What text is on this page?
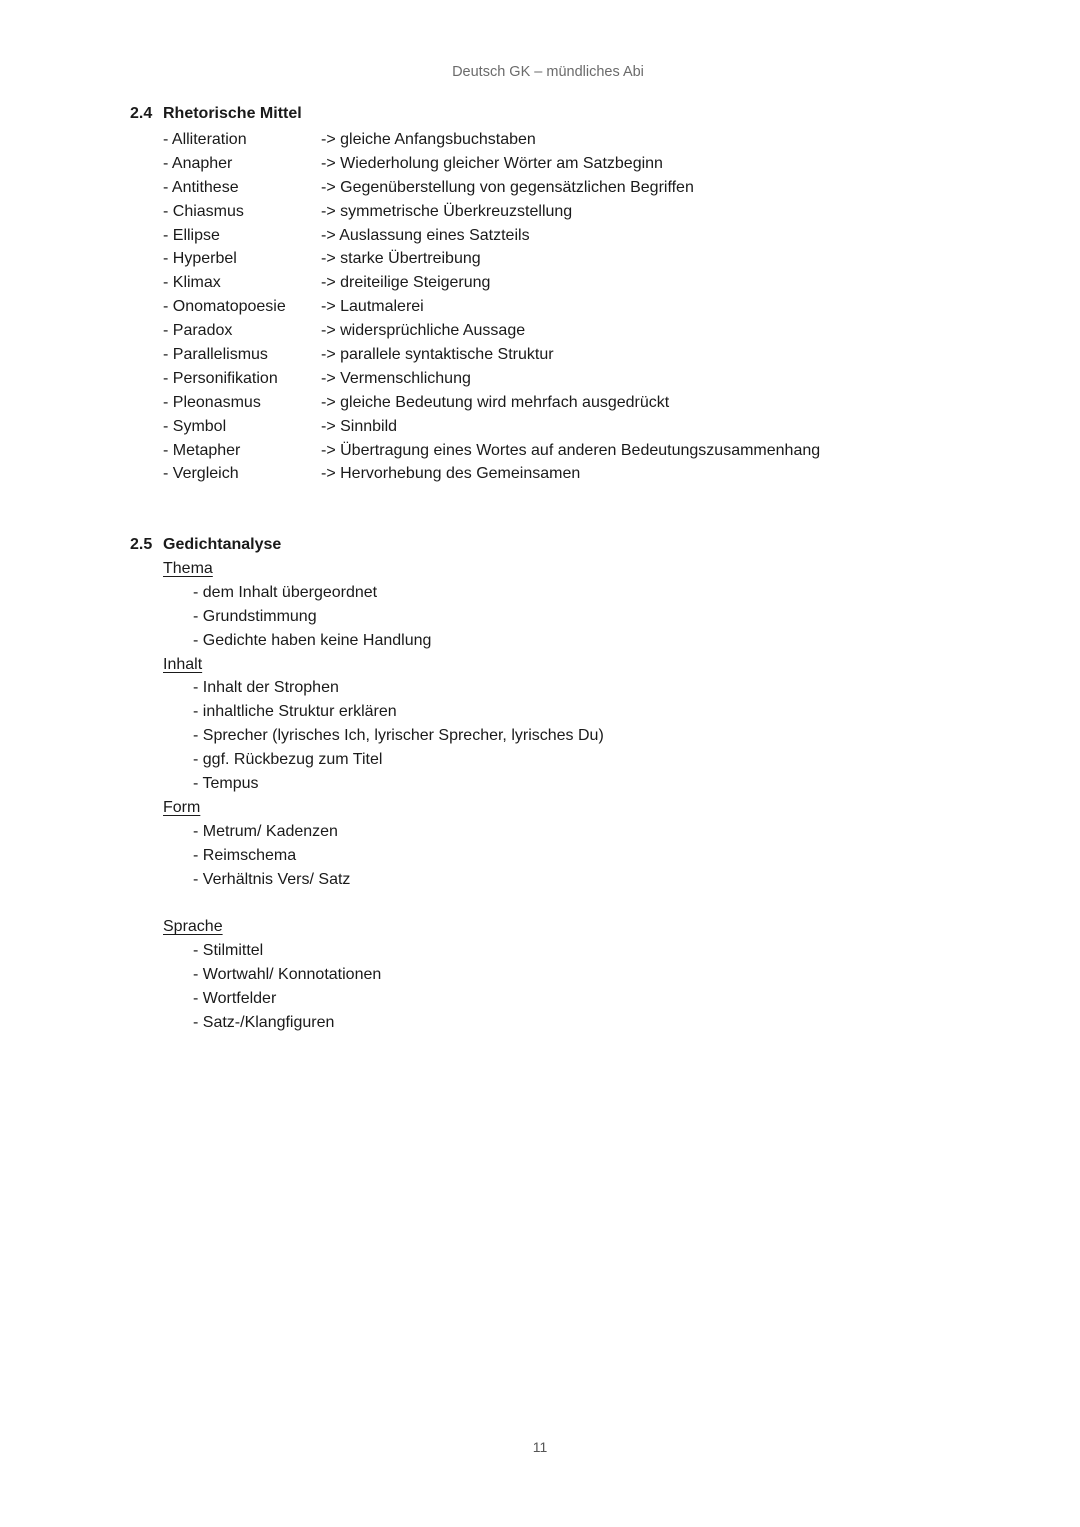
Deutsch GK – mündliches Abi
2.4 Rhetorische Mittel
- Alliteration	-> gleiche Anfangsbuchstaben
- Anapher	-> Wiederholung gleicher Wörter am Satzbeginn
- Antithese	-> Gegenüberstellung von gegensätzlichen Begriffen
- Chiasmus	-> symmetrische Überkreuzstellung
- Ellipse	-> Auslassung eines Satzteils
- Hyperbel	-> starke Übertreibung
- Klimax	-> dreiteilige Steigerung
- Onomatopoesie -> Lautmalerei
- Paradox	-> widersprüchliche Aussage
- Parallelismus	-> parallele syntaktische Struktur
- Personifikation	-> Vermenschlichung
- Pleonasmus	-> gleiche Bedeutung wird mehrfach ausgedrückt
- Symbol	-> Sinnbild
- Metapher	-> Übertragung eines Wortes auf anderen Bedeutungszusammenhang
- Vergleich	-> Hervorhebung des Gemeinsamen
2.5 Gedichtanalyse
Thema
- dem Inhalt übergeordnet
- Grundstimmung
- Gedichte haben keine Handlung
Inhalt
- Inhalt der Strophen
- inhaltliche Struktur erklären
- Sprecher (lyrisches Ich, lyrischer Sprecher, lyrisches Du)
- ggf. Rückbezug zum Titel
- Tempus
Form
- Metrum/ Kadenzen
- Reimschema
- Verhältnis Vers/ Satz
Sprache
- Stilmittel
- Wortwahl/ Konnotationen
- Wortfelder
- Satz-/Klangfiguren
11
